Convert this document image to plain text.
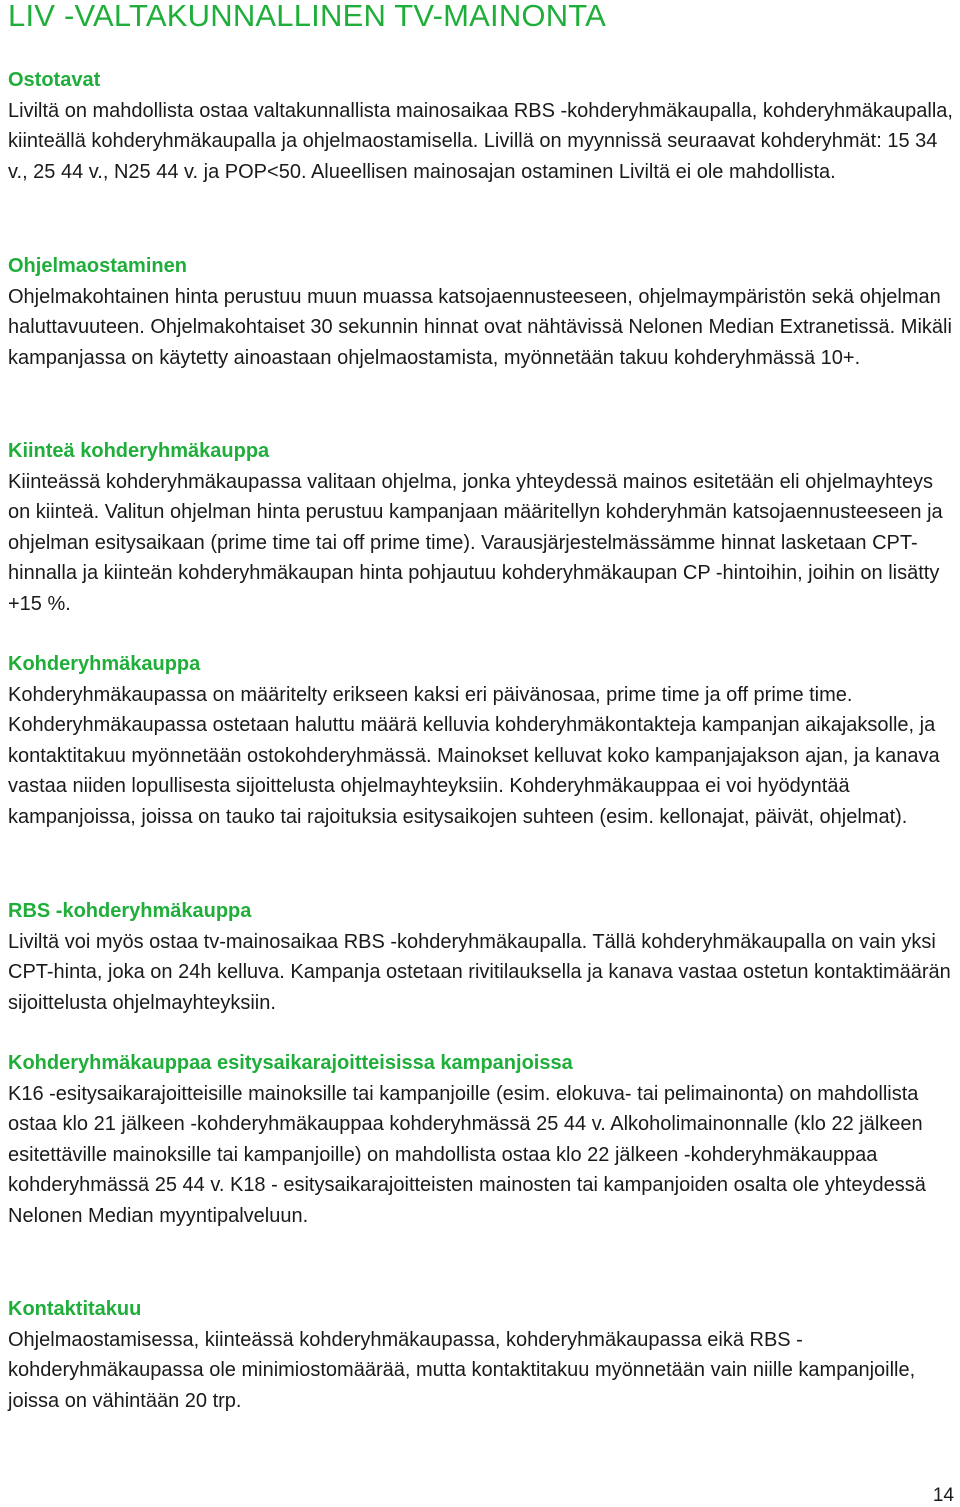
LIV -VALTAKUNNALLINEN TV-MAINONTA
Ostotavat

Liviltä on mahdollista ostaa valtakunnallista mainosaikaa RBS -kohderyhmäkaupalla, kohderyhmäkaupalla, kiinteällä kohderyhmäkaupalla ja ohjelmaostamisella. Livillä on myynnissä seuraavat kohderyhmät: 15 34 v., 25 44 v., N25 44 v. ja POP<50. Alueellisen mainosajan ostaminen Liviltä ei ole mahdollista.

Ohjelmaostaminen

Ohjelmakohtainen hinta perustuu muun muassa katsojaennusteeseen, ohjelmaympäristön sekä ohjelman haluttavuuteen. Ohjelmakohtaiset 30 sekunnin hinnat ovat nähtävissä Nelonen Median Extranetissä. Mikäli kampanjassa on käytetty ainoastaan ohjelmaostamista, myönnetään takuu kohderyhmässä 10+.

Kiinteä kohderyhmäkauppa

Kiinteässä kohderyhmäkaupassa valitaan ohjelma, jonka yhteydessä mainos esitetään eli ohjelmayhteys on kiinteä. Valitun ohjelman hinta perustuu kampanjaan määritellyn kohderyhmän katsojaennusteeseen ja ohjelman esitysaikaan (prime time tai off prime time). Varausjärjestelmässämme hinnat lasketaan CPT-hinnalla ja kiinteän kohderyhmäkaupan hinta pohjautuu kohderyhmäkaupan CP -hintoihin, joihin on lisätty +15 %.

Kohderyhmäkauppa

Kohderyhmäkaupassa on määritelty erikseen kaksi eri päivänosaa, prime time ja off prime time. Kohderyhmäkaupassa ostetaan haluttu määrä kelluvia kohderyhmäkontakteja kampanjan aikajaksolle, ja kontaktitakuu myönnetään ostokohderyhmässä. Mainokset kelluvat koko kampanjajakson ajan, ja kanava vastaa niiden lopullisesta sijoittelusta ohjelmayhteyksiin. Kohderyhmäkauppaa ei voi hyödyntää kampanjoissa, joissa on tauko tai rajoituksia esitysaikojen suhteen (esim. kellonajat, päivät, ohjelmat).

RBS -kohderyhmäkauppa

Liviltä voi myös ostaa tv-mainosaikaa RBS -kohderyhmäkaupalla. Tällä kohderyhmäkaupalla on vain yksi CPT-hinta, joka on 24h kelluva. Kampanja ostetaan rivitilauksella ja kanava vastaa ostetun kontaktimäärän sijoittelusta ohjelmayhteyksiin.

Kohderyhmäkauppaa esitysaikarajoitteisissa kampanjoissa

K16 -esitysaikarajoitteisille mainoksille tai kampanjoille (esim. elokuva- tai pelimainonta) on mahdollista ostaa klo 21 jälkeen -kohderyhmäkauppaa kohderyhmässä 25 44 v. Alkoholimainonnalle (klo 22 jälkeen esitettäville mainoksille tai kampanjoille) on mahdollista ostaa klo 22 jälkeen -kohderyhmäkauppaa kohderyhmässä 25 44 v. K18 - esitysaikarajoitteisten mainosten tai kampanjoiden osalta ole yhteydessä Nelonen Median myyntipalveluun.

Kontaktitakuu

Ohjelmaostamisessa, kiinteässä kohderyhmäkaupassa, kohderyhmäkaupassa eikä RBS - kohderyhmäkaupassa ole minimiostomäärää, mutta kontaktitakuu myönnetään vain niille kampanjoille, joissa on vähintään 20 trp.

14
